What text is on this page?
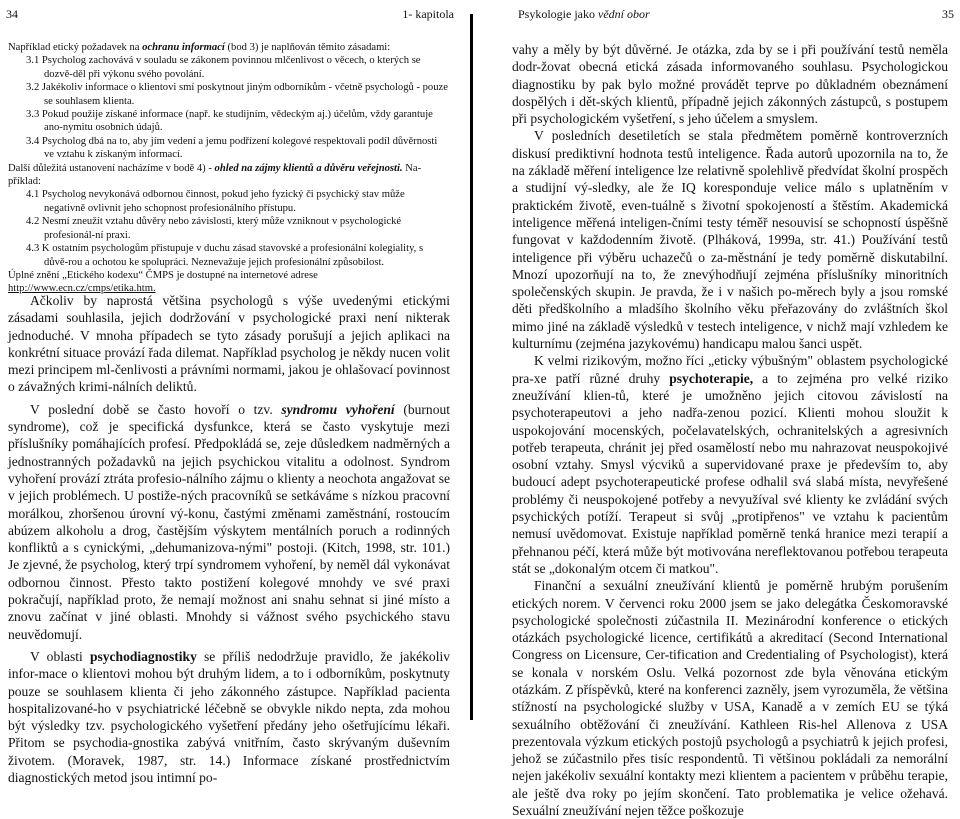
34	1- kapitola

Například etický požadavek na ochranu informací (bod 3) je naplňován těmito zásadami:

3.1 Psycholog zachovává v souladu se zákonem povinnou mlčenlivost o věcech, o kterých se dozvě-děl při výkonu svého povolání.

3.2 Jakékoliv informace o klientovi smí poskytnout jiným odborníkům - včetně psychologů - pouze se souhlasem klienta.

3.3 Pokud použije získané informace (např. ke studijním, vědeckým aj.) účelům, vždy garantuje ano-nymitu osobních údajů.

3.4 Psycholog dbá na to, aby jím vedení a jemu podřízení kolegové respektovali podíl důvěrnosti ve vztahu k získaným informací.

Další důležitá ustanovení nacházíme v bodě 4) - ohled na zájmy klientů a důvěru veřejnosti. Na-příklad:

4.1 Psycholog nevykonává odbornou činnost, pokud jeho fyzický či psychický stav může negativně ovlivnit jeho schopnost profesionálního přístupu.

4.2 Nesmí zneužít vztahu důvěry nebo závislosti, který může vzniknout v psychologické profesionál-ní praxi.

4.3 K ostatním psychologům přistupuje v duchu zásad stavovské a profesionální kolegiality, s důvě-rou a ochotou ke spolupráci. Neznevažuje jejich profesionální způsobilost.

Úplné znění „Etického kodexu“ ČMPS je dostupné na internetové adrese http://www.ecn.cz/cmps/etika.htm.

Ačkoliv by naprostá většina psychologů s výše uvedenými etickými zásadami souhlasila, jejich dodržování v psychologické praxi není nikterak jednoduché. V mnoha případech se tyto zásady porušují a jejich aplikaci na konkrétní situace provází řada dilemat. Například psycholog je někdy nucen volit mezi principem ml-čenlivosti a právními normami, jakou je ohlašovací povinnost o závažných krimi-nálních deliktů.

V poslední době se často hovoří o tzv. syndromu vyhoření (burnout syndrome), což je specifická dysfunkce, která se často vyskytuje mezi příslušníky pomáhajících profesí. Předpokládá se, zeje důsledkem nadměrných a jednostranných požadavků na jejich psychickou vitalitu a odolnost. Syndrom vyhoření provází ztráta profesio-nálního zájmu o klienty a neochota angažovat se v jejich problémech. U postiže-ných pracovníků se setkáváme s nízkou pracovní morálkou, zhoršenou úrovní vý-konu, častými změnami zaměstnání, rostoucím abúzem alkoholu a drog, častějším výskytem mentálních poruch a rodinných konfliktů a s cynickými, „dehumanizova-nými" postoji. (Kitch, 1998, str. 101.) Je zjevné, že psycholog, který trpí syndromem vyhoření, by neměl dál vykonávat odbornou činnost. Přesto takto postižení kolegové mnohdy ve své praxi pokračují, například proto, že nemají možnost ani snahu sehnat si jiné místo a znovu začínat v jiné oblasti. Mnohdy si vážnost svého psychického stavu neuvědomují.

V oblasti psychodiagnostiky se příliš nedodržuje pravidlo, že jakékoliv infor-mace o klientovi mohou být druhým lidem, a to i odborníkům, poskytnuty pouze se souhlasem klienta či jeho zákonného zástupce. Například pacienta hospitalizované-ho v psychiatrické léčebně se obvykle nikdo nepta, zda mohou být výsledky tzv. psychologického vyšetření předány jeho ošetřujícímu lékaři. Přitom se psychodia-gnostika zabývá vnitřním, často skrývaným duševním životem. (Moravek, 1987, str. 14.) Informace získané prostřednictvím diagnostických metod jsou intimní po-

Psykologie jako vědní obor	35

vahy a měly by být důvěrné. Je otázka, zda by se i při používání testů neměla dodr-žovat obecná etická zásada informovaného souhlasu. Psychologickou diagnostiku by pak bylo možné provádět teprve po důkladném obeznámení dospělých i dět-ských klientů, případně jejich zákonných zástupců, s postupem při psychologickém vyšetření, s jeho účelem a smyslem.

V posledních desetiletích se stala předmětem poměrně kontroverzních diskusí prediktivní hodnota testů inteligence. Řada autorů upozornila na to, že na základě měření inteligence lze relativně spolehlivě předvídat školní prospěch a studijní vý-sledky, ale že IQ koresponduje velice málo s uplatněním v praktickém životě, even-tuálně s životní spokojeností a štěstím. Akademická inteligence měřená inteligen-čními testy téměř nesouvisí se schopností úspěšně fungovat v každodenním životě. (Plháková, 1999a, str. 41.) Používání testů inteligence při výběru uchazečů o za-městnání je tedy poměrně diskutabilní. Mnozí upozorňují na to, že znevýhodňují zejména příslušníky minoritních společenských skupin. Je pravda, že i v našich po-měrech byly a jsou romské děti předškolního a mladšího školního věku přeřazovány do zvláštních škol mimo jiné na základě výsledků v testech inteligence, v nichž mají vzhledem ke kulturnímu (zejména jazykovému) handicapu malou šanci uspět.

K velmi rizikovým, možno říci „eticky výbušným" oblastem psychologické pra-xe patří různé druhy psychoterapie, a to zejména pro velké riziko zneužívání klien-tů, které je umožněno jejich citovou závislostí na psychoterapeutovi a jeho nadřa-zenou pozicí. Klienti mohou sloužit k uspokojování mocenských, počelavatelských, ochranitelských a agresivních potřeb terapeuta, chránit jej před osamělostí nebo mu nahrazovat neuspokojivé osobní vztahy. Smysl výcviků a supervidované praxe je především to, aby budoucí adept psychoterapeutické profese odhalil svá slabá místa, nevyřešené problémy či neuspokojené potřeby a nevyužíval své klienty ke zvládání svých psychických potíží. Terapeut si svůj „protipřenos" ve vztahu k pacientům nemusí uvědomovat. Existuje například poměrně tenká hranice mezi terapií a přehnanou péčí, která může být motivována nereflektovanou potřebou terapeuta stát se „dokonalým otcem či matkou".

Finanční a sexuální zneužívání klientů je poměrně hrubým porušením etických norem. V červenci roku 2000 jsem se jako delegátka Českomoravské psychologické společnosti zúčastnila II. Mezinárodní konference o etických otázkách psychologické licence, certifikátů a akreditací (Second International Congress on Licensure, Cer-tification and Credentialing of Psychologist), která se konala v norském Oslu. Velká pozornost zde byla věnována etickým otázkám. Z příspěvků, které na konferenci zazněly, jsem vyrozuměla, že většina stížností na psychologické služby v USA, Kanadě a v zemích EU se týká sexuálního obtěžování či zneužívání. Kathleen Ris-hel Allenova z USA prezentovala výzkum etických postojů psychologů a psychiatrů k jejich profesi, jehož se zúčastnilo přes tisíc respondentů. Ti většinou pokládali za nemorální nejen jakékoliv sexuální kontakty mezi klientem a pacientem v průběhu terapie, ale ještě dva roky po jejím skončení. Tato problematika je velice ožehavá. Sexuální zneužívání nejen těžce poškozuje
